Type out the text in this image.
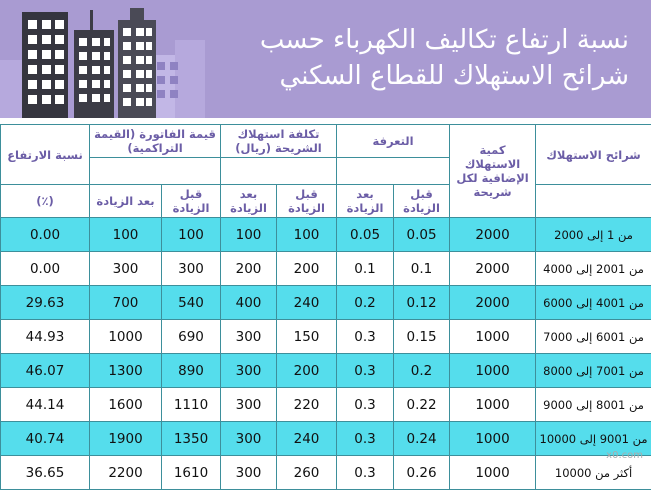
نسبة ارتفاع تكاليف الكهرباء حسب
شرائح الاستهلاك للقطاع السكني
شرائح الاستهلاك	كمية الاستهلاك الإضافية لكل شريحة	التعرفة		تكلفة استهلاك الشريحة (ريال)		قيمة الفاتورة (القيمة التراكمية)		نسبة الارتفاع

		قبل الزيادة	بعد الزيادة	قبل الزيادة	بعد الزيادة	قبل الزيادة	بعد الزيادة	(٪)
من 1 إلى 2000	2000	0.05	0.05	100	100	100	100	0.00
من 2001 إلى 4000	2000	0.1	0.1	200	200	300	300	0.00
من 4001 إلى 6000	2000	0.12	0.2	240	400	540	700	29.63
من 6001 إلى 7000	1000	0.15	0.3	150	300	690	1000	44.93
من 7001 إلى 8000	1000	0.2	0.3	200	300	890	1300	46.07
من 8001 إلى 9000	1000	0.22	0.3	220	300	1110	1600	44.14
من 9001 إلى 10000	1000	0.24	0.3	240	300	1350	1900	40.74
أكثر من 10000	1000	0.26	0.3	260	300	1610	2200	36.65
x0.com
